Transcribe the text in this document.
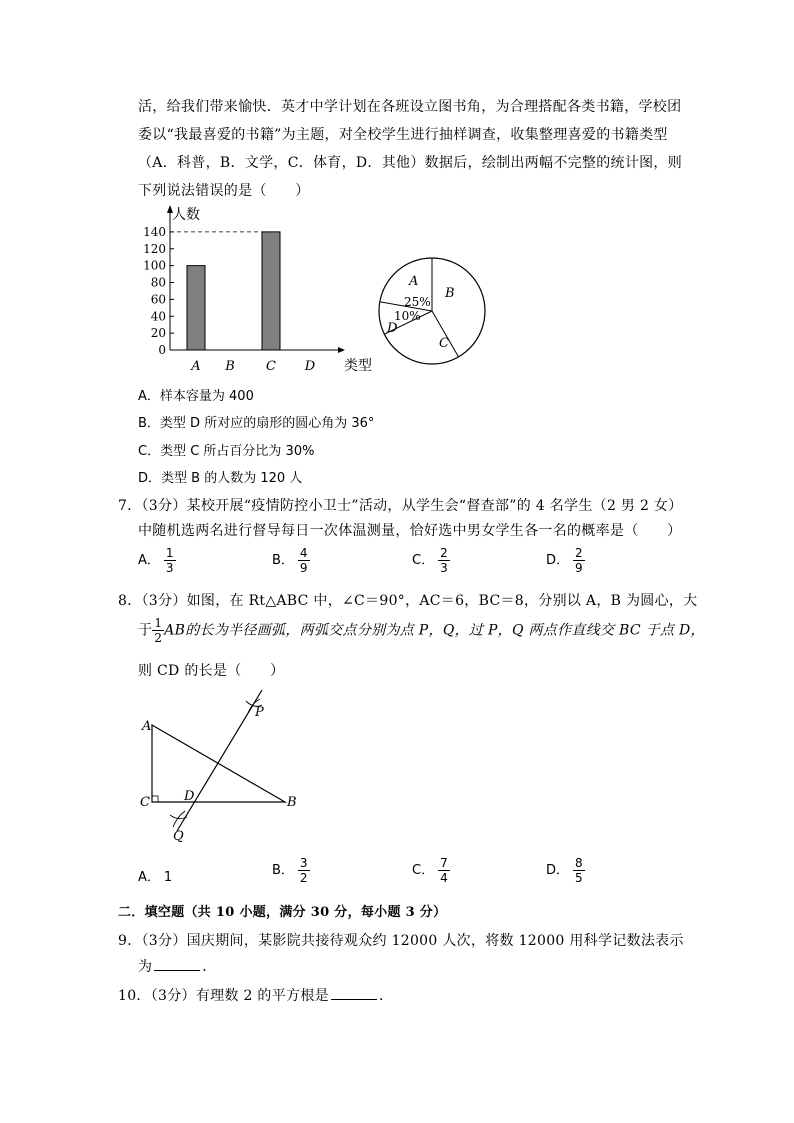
活，给我们带来愉快．英才中学计划在各班设立图书角，为合理搭配各类书籍，学校团
委以“我最喜爱的书籍”为主题，对全校学生进行抽样调查，收集整理喜爱的书籍类型
（A．科普，B．文学，C．体育，D．其他）数据后，绘制出两幅不完整的统计图，则
下列说法错误的是（　　）
人数
类型
0
20
40
60
80
100
120
140
A B C D
A
B
C
D
25%
10%
A．样本容量为 400
B．类型 D 所对应的扇形的圆心角为 36°
C．类型 C 所占百分比为 30%
D．类型 B 的人数为 120 人
7．（3分）某校开展“疫情防控小卫士”活动，从学生会“督查部”的 4 名学生（2 男 2 女）
中随机选两名进行督导每日一次体温测量，恰好选中男女学生各一名的概率是（　　）
A． $\frac{1}{3}$	B． $\frac{4}{9}$	C． $\frac{2}{3}$	D． $\frac{2}{9}$
8．（3分）如图，在 Rt△ABC 中，∠C＝90°，AC＝6，BC＝8，分别以 A，B 为圆心，大
于 $\frac{1}{2}$ AB的长为半径画弧，两弧交点分别为点 P，Q，过 P，Q 两点作直线交 BC 于点 D，
则 CD 的长是（　　）
A
C	D	B
P
Q
A． 1	B． $\frac{3}{2}$	C． $\frac{7}{4}$	D． $\frac{8}{5}$
二．填空题（共 10 小题，满分 30 分，每小题 3 分）
9．（3分）国庆期间，某影院共接待观众约 12000 人次，将数 12000 用科学记数法表示
为	．
10．（3分）有理数 2 的平方根是	．
